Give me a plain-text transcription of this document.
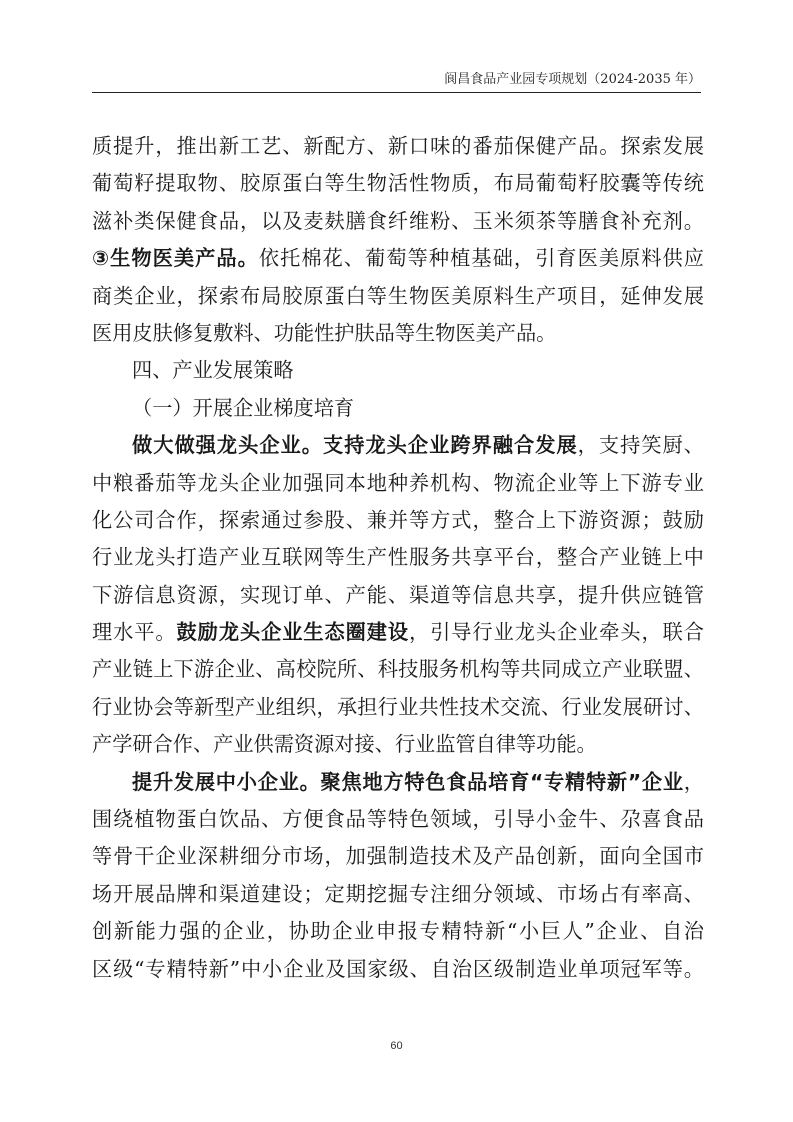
阆昌食品产业园专项规划（2024-2035 年）
质提升，推出新工艺、新配方、新口味的番茄保健产品。探索发展
葡萄籽提取物、胶原蛋白等生物活性物质，布局葡萄籽胶囊等传统
滋补类保健食品，以及麦麸膳食纤维粉、玉米须茶等膳食补充剂。
③生物医美产品。依托棉花、葡萄等种植基础，引育医美原料供应
商类企业，探索布局胶原蛋白等生物医美原料生产项目，延伸发展
医用皮肤修复敷料、功能性护肤品等生物医美产品。
四、产业发展策略
（一）开展企业梯度培育
做大做强龙头企业。支持龙头企业跨界融合发展，支持笑厨、
中粮番茄等龙头企业加强同本地种养机构、物流企业等上下游专业
化公司合作，探索通过参股、兼并等方式，整合上下游资源；鼓励
行业龙头打造产业互联网等生产性服务共享平台，整合产业链上中
下游信息资源，实现订单、产能、渠道等信息共享，提升供应链管
理水平。鼓励龙头企业生态圈建设，引导行业龙头企业牵头，联合
产业链上下游企业、高校院所、科技服务机构等共同成立产业联盟、
行业协会等新型产业组织，承担行业共性技术交流、行业发展研讨、
产学研合作、产业供需资源对接、行业监管自律等功能。
提升发展中小企业。聚焦地方特色食品培育“专精特新”企业，
围绕植物蛋白饮品、方便食品等特色领域，引导小金牛、尕喜食品
等骨干企业深耕细分市场，加强制造技术及产品创新，面向全国市
场开展品牌和渠道建设；定期挖掘专注细分领域、市场占有率高、
创新能力强的企业，协助企业申报专精特新“小巨人”企业、自治
区级“专精特新”中小企业及国家级、自治区级制造业单项冠军等。
60
